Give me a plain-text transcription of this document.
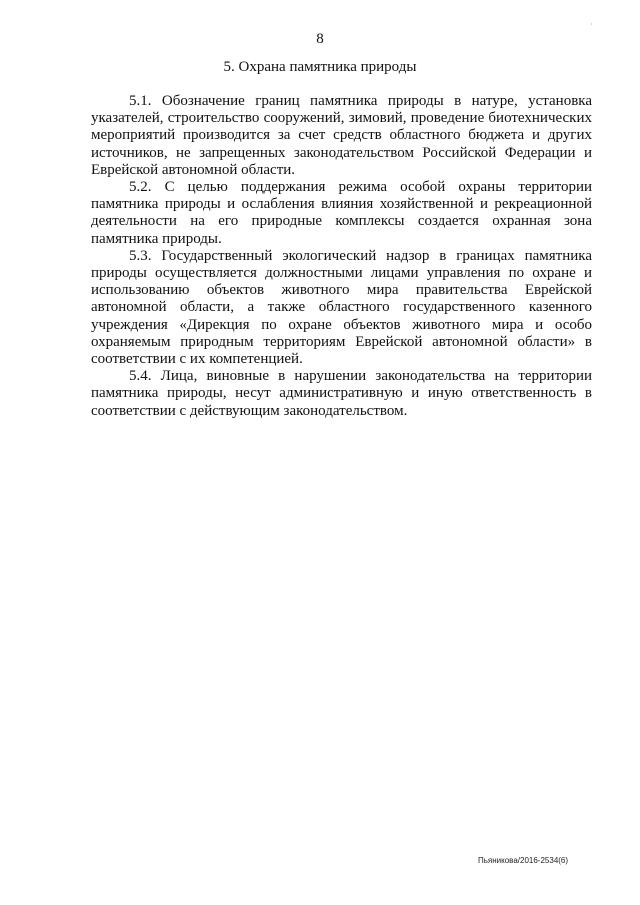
8
·
5. Охрана памятника природы

5.1. Обозначение границ памятника природы в натуре, установка указателей, строительство сооружений, зимовий, проведение биотехнических мероприятий производится за счет средств областного бюджета и других источников, не запрещенных законодательством Российской Федерации и Еврейской автономной области.

5.2. С целью поддержания режима особой охраны территории памятника природы и ослабления влияния хозяйственной и рекреационной деятельности на его природные комплексы создается охранная зона памятника природы.

5.3. Государственный экологический надзор в границах памятника природы осуществляется должностными лицами управления по охране и использованию объектов животного мира правительства Еврейской автономной области, а также областного государственного казенного учреждения «Дирекция по охране объектов животного мира и особо охраняемым природным территориям Еврейской автономной области» в соответствии с их компетенцией.

5.4. Лица, виновные в нарушении законодательства на территории памятника природы, несут административную и иную ответственность в соответствии с действующим законодательством.

Пьяникова/2016-2534(6)
